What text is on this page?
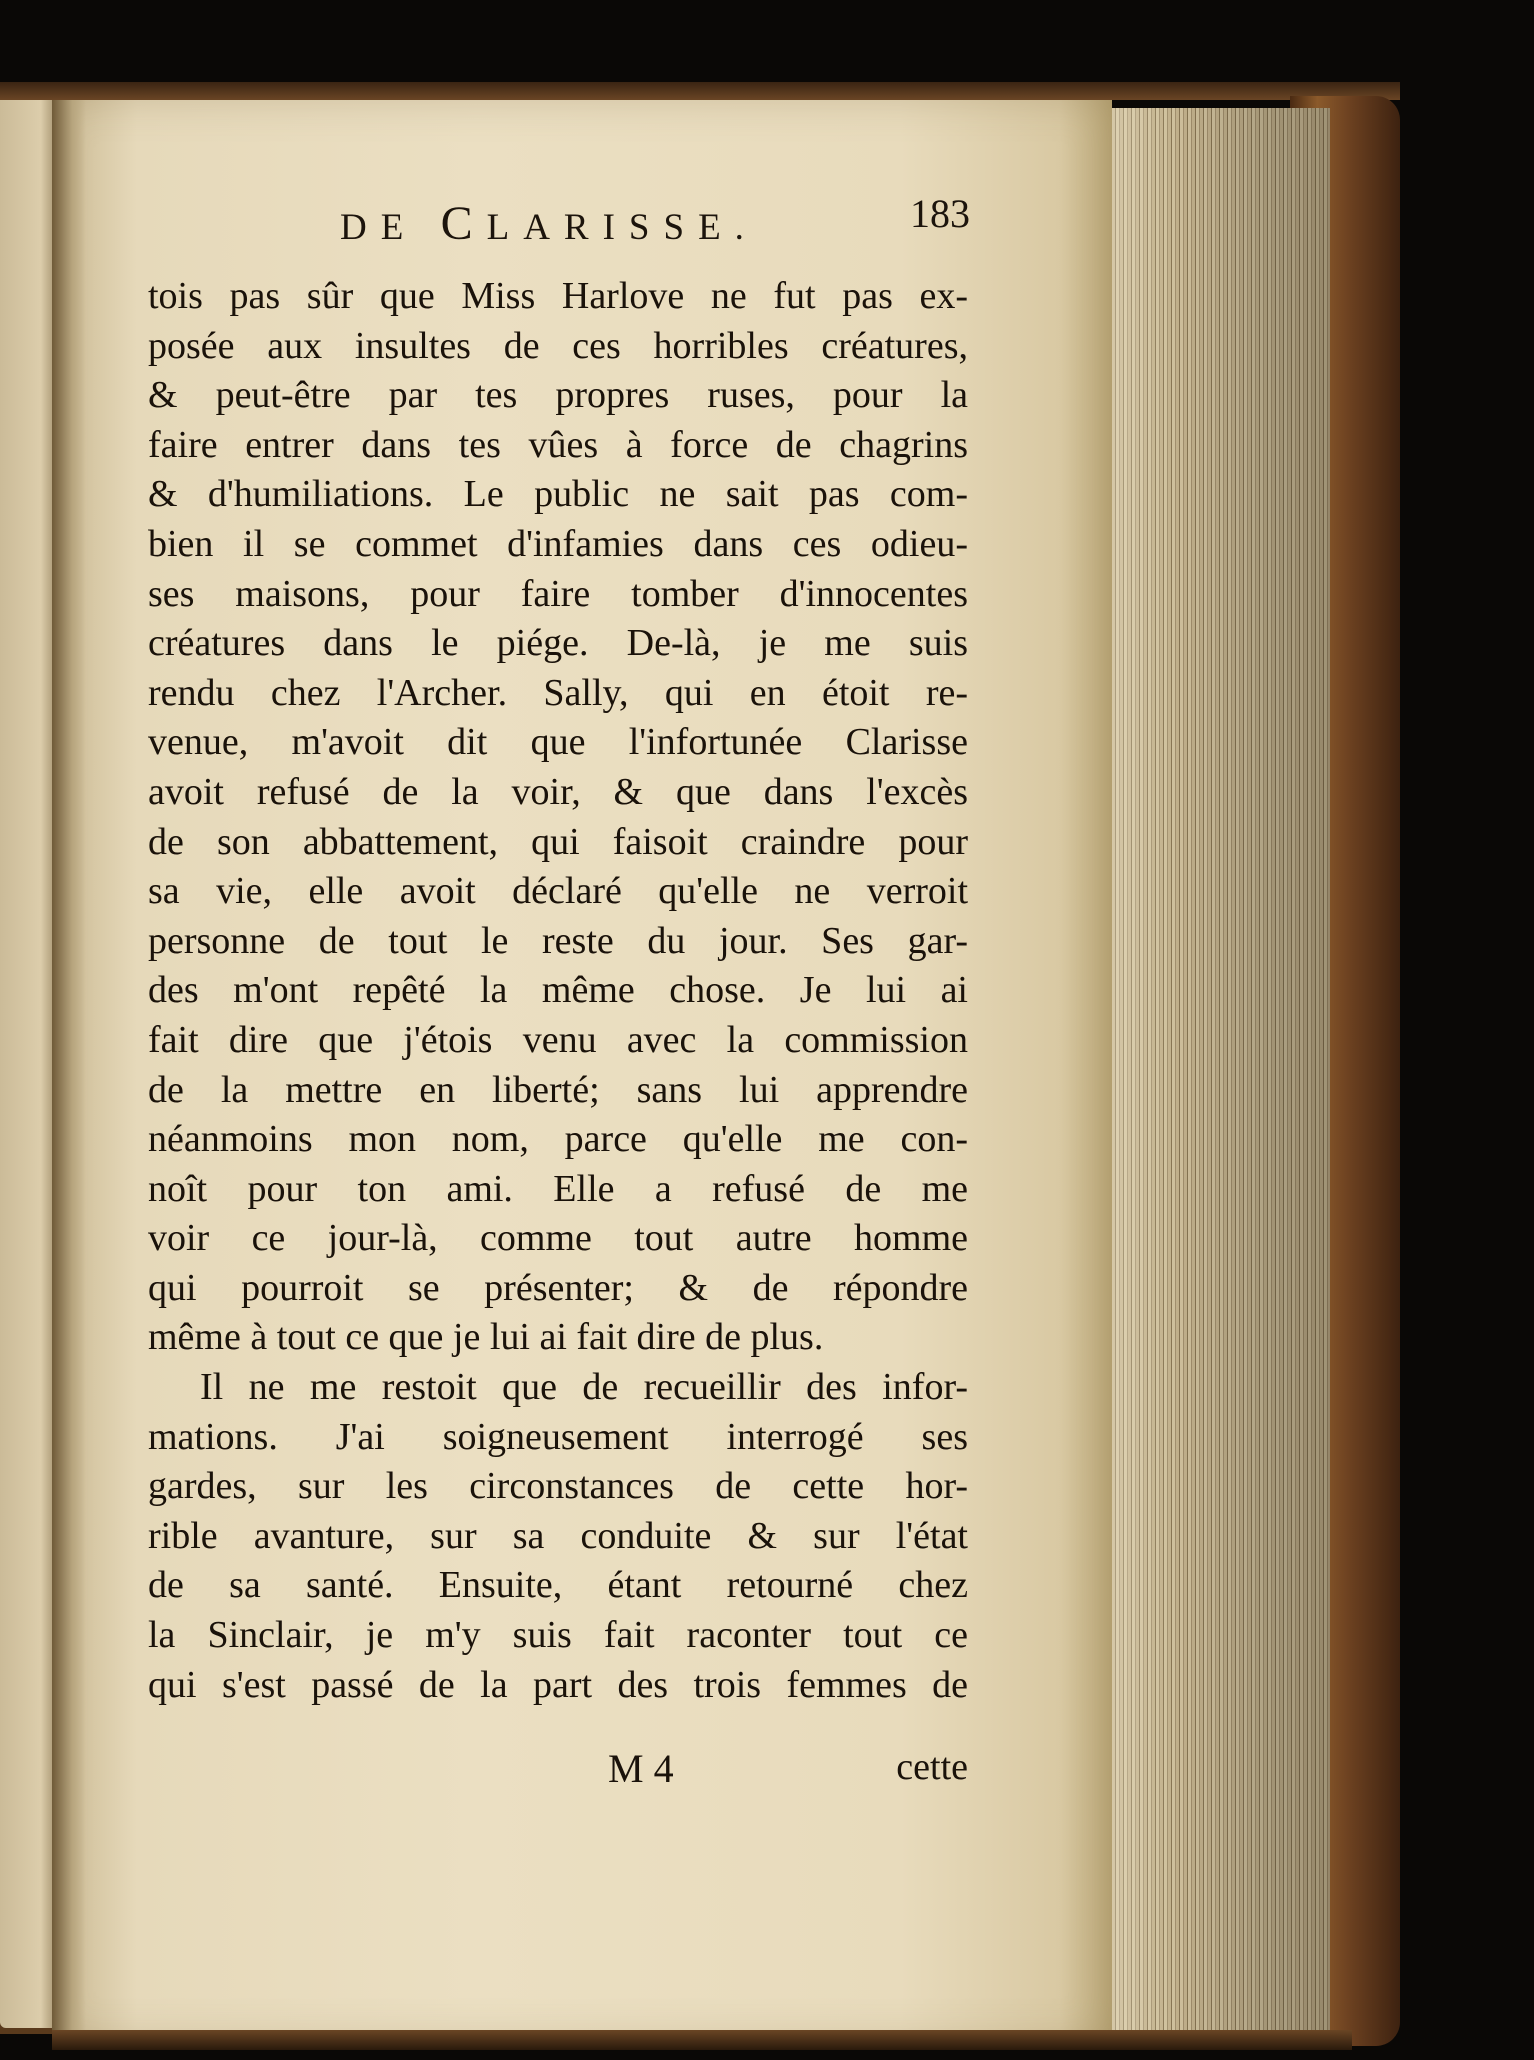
DE CLARISSE.	183
tois pas sûr que Miss Harlove ne fut pas ex-
posée aux insultes de ces horribles créatures,
& peut-être par tes propres ruses, pour la
faire entrer dans tes vûes à force de chagrins
& d'humiliations. Le public ne sait pas com-
bien il se commet d'infamies dans ces odieu-
ses maisons, pour faire tomber d'innocentes
créatures dans le piége. De-là, je me suis
rendu chez l'Archer. Sally, qui en étoit re-
venue, m'avoit dit que l'infortunée Clarisse
avoit refusé de la voir, & que dans l'excès
de son abbattement, qui faisoit craindre pour
sa vie, elle avoit déclaré qu'elle ne verroit
personne de tout le reste du jour. Ses gar-
des m'ont repêté la même chose. Je lui ai
fait dire que j'étois venu avec la commission
de la mettre en liberté; sans lui apprendre
néanmoins mon nom, parce qu'elle me con-
noît pour ton ami. Elle a refusé de me
voir ce jour-là, comme tout autre homme
qui pourroit se présenter; & de répondre
même à tout ce que je lui ai fait dire de plus.
Il ne me restoit que de recueillir des infor-
mations. J'ai soigneusement interrogé ses
gardes, sur les circonstances de cette hor-
rible avanture, sur sa conduite & sur l'état
de sa santé. Ensuite, étant retourné chez
la Sinclair, je m'y suis fait raconter tout ce
qui s'est passé de la part des trois femmes de
M 4	cette
